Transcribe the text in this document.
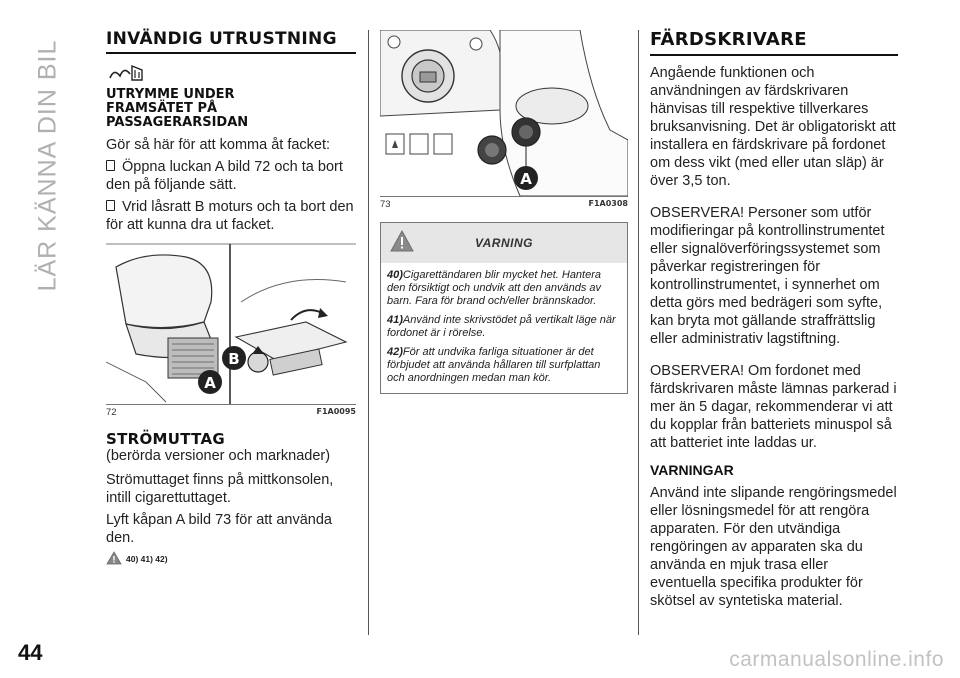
LÄR KÄNNA DIN BIL
44	carmanualsonline.info
INVÄNDIG UTRUSTNING
UTRYMME UNDER FRAMSÄTET PÅ PASSAGERARSIDAN

Gör så här för att komma åt facket:

Öppna luckan A bild 72 och ta bort den på följande sätt.

Vrid låsratt B moturs och ta bort den för att kunna dra ut facket.

B
A
72	F1A0095
STRÖMUTTAG

(berörda versioner och marknader)

Strömuttaget finns på mittkonsolen, intill cigarettuttaget.

Lyft kåpan A bild 73 för att använda den.

40) 41) 42)
A
73	F1A0308
VARNING

40)Cigarettändaren blir mycket het. Hantera den försiktigt och undvik att den används av barn. Fara för brand och/eller brännskador.

41)Använd inte skrivstödet på vertikalt läge när fordonet är i rörelse.

42)För att undvika farliga situationer är det förbjudet att använda hållaren till surfplattan och anordningen medan man kör.

FÄRDSKRIVARE

Angående funktionen och användningen av färdskrivaren hänvisas till respektive tillverkares bruksanvisning. Det är obligatoriskt att installera en färdskrivare på fordonet om dess vikt (med eller utan släp) är över 3,5 ton.

OBSERVERA! Personer som utför modifieringar på kontrollinstrumentet eller signalöverföringssystemet som påverkar registreringen för kontrollinstrumentet, i synnerhet om detta görs med bedrägeri som syfte, kan bryta mot gällande straffrättslig eller administrativ lagstiftning.

OBSERVERA! Om fordonet med färdskrivaren måste lämnas parkerad i mer än 5 dagar, rekommenderar vi att du kopplar från batteriets minuspol så att batteriet inte laddas ur.

VARNINGAR

Använd inte slipande rengöringsmedel eller lösningsmedel för att rengöra apparaten. För den utvändiga rengöringen av apparaten ska du använda en mjuk trasa eller eventuella specifika produkter för skötsel av syntetiska material.
